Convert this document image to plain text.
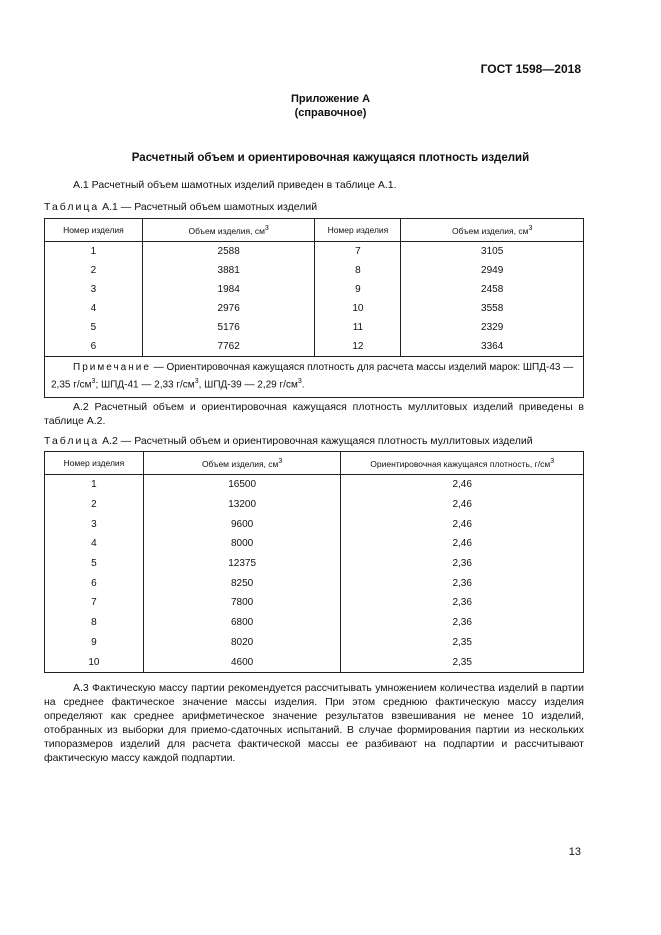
ГОСТ 1598—2018
Приложение А
(справочное)
Расчетный объем и ориентировочная кажущаяся плотность изделий
А.1 Расчетный объем шамотных изделий приведен в таблице А.1.
Таблица А.1 — Расчетный объем шамотных изделий
Номер изделия	Объем изделия, $см^3$	Номер изделия	Объем изделия, $см^3$
1	2588	7	3105
2	3881	8	2949
3	1984	9	2458
4	2976	10	3558
5	5176	11	2329
6	7762	12	3364
Примечание — Ориентировочная кажущаяся плотность для расчета массы изделий марок: ШПД-43 — 2,35 $г/см^3$; ШПД-41 — 2,33 $г/см^3$, ШПД-39 — 2,29 $г/см^3$.			
А.2 Расчетный объем и ориентировочная кажущаяся плотность муллитовых изделий приведены в таблице А.2.
Таблица А.2 — Расчетный объем и ориентировочная кажущаяся плотность муллитовых изделий
Номер изделия	Объем изделия, $см^3$	Ориентировочная кажущаяся плотность, $г/см^3$
1	16500	2,46
2	13200	2,46
3	9600	2,46
4	8000	2,46
5	12375	2,36
6	8250	2,36
7	7800	2,36
8	6800	2,36
9	8020	2,35
10	4600	2,35
А.3 Фактическую массу партии рекомендуется рассчитывать умножением количества изделий в партии на среднее фактическое значение массы изделия. При этом среднюю фактическую массу изделия определяют как среднее арифметическое значение результатов взвешивания не менее 10 изделий, отобранных из выборки для приемо-сдаточных испытаний. В случае формирования партии из нескольких типоразмеров изделий для расчета фактической массы ее разбивают на подпартии и рассчитывают фактическую массу каждой подпартии.
13
